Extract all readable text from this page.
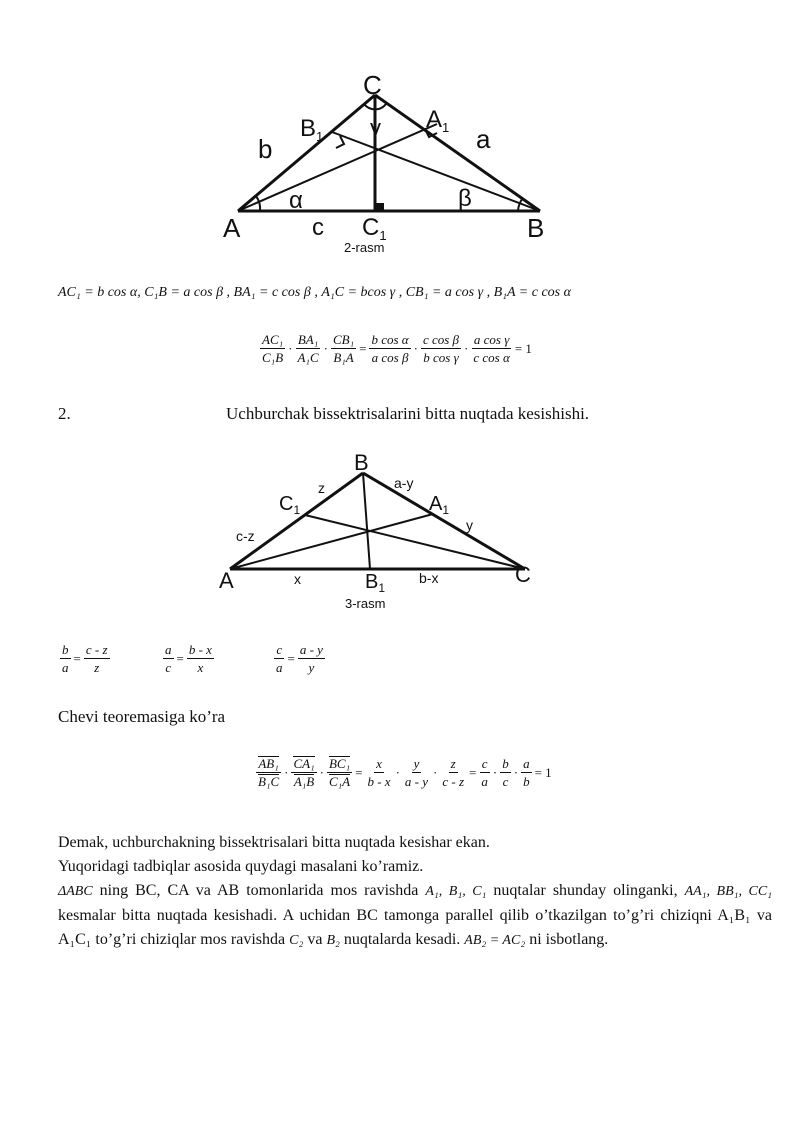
C
A	B
$C_1$
$B_1$
$A_1$
b	a
c
α	β
γ
2-rasm
AC₁ = b cos α, C₁B = a cos β , BA₁ = c cos β , A₁C = bcos γ , CB₁ = a cos γ , B₁A = c cos α
$\frac{\text{AC₁}}{\text{C₁B}} \cdot \frac{\text{BA₁}}{\text{A₁C}} \cdot \frac{\text{CB₁}}{\text{B₁A}} = \frac{\text{b cos α}}{\text{a cos β}} \cdot \frac{\text{c cos β}}{\text{b cos γ}} \cdot \frac{\text{a cos γ}}{\text{c cos α}} = 1$
2.	Uchburchak bissektrisalarini bitta nuqtada kesishishi.
B
A	C
$B_1$
$C_1$	$A_1$
z	a-y
y
c-z
x	b-x
3-rasm
$\frac{b}{a} = \frac{c - z}{z}$	$\frac{a}{c} = \frac{b - x}{x}$	$\frac{c}{a} = \frac{a - y}{y}$
Chevi teoremasiga ko’ra
$\frac{\text{AB₁}}{\text{B₁C}} \cdot \frac{\text{CA₁}}{\text{A₁B}} \cdot \frac{\text{BC₁}}{\text{C₁A}} = \frac{x}{b - x} \cdot \frac{y}{a - y} \cdot \frac{z}{c - z} = \frac{c}{a} \cdot \frac{b}{c} \cdot \frac{a}{b} = 1$
Demak, uchburchakning bissektrisalari bitta nuqtada kesishar ekan.
Yuqoridagi tadbiqlar asosida quydagi masalani ko’ramiz.
ΔABC ning BC, CA va AB tomonlarida mos ravishda A₁, B₁, C₁ nuqtalar shunday olinganki, AA₁, BB₁, CC₁ kesmalar bitta nuqtada kesishadi. A uchidan BC tamonga parallel qilib o’tkazilgan to’g’ri chiziqni A₁B₁ va A₁C₁ to’g’ri chiziqlar mos ravishda C₂ va B₂ nuqtalarda kesadi. AB₂ = AC₂ ni isbotlang.
